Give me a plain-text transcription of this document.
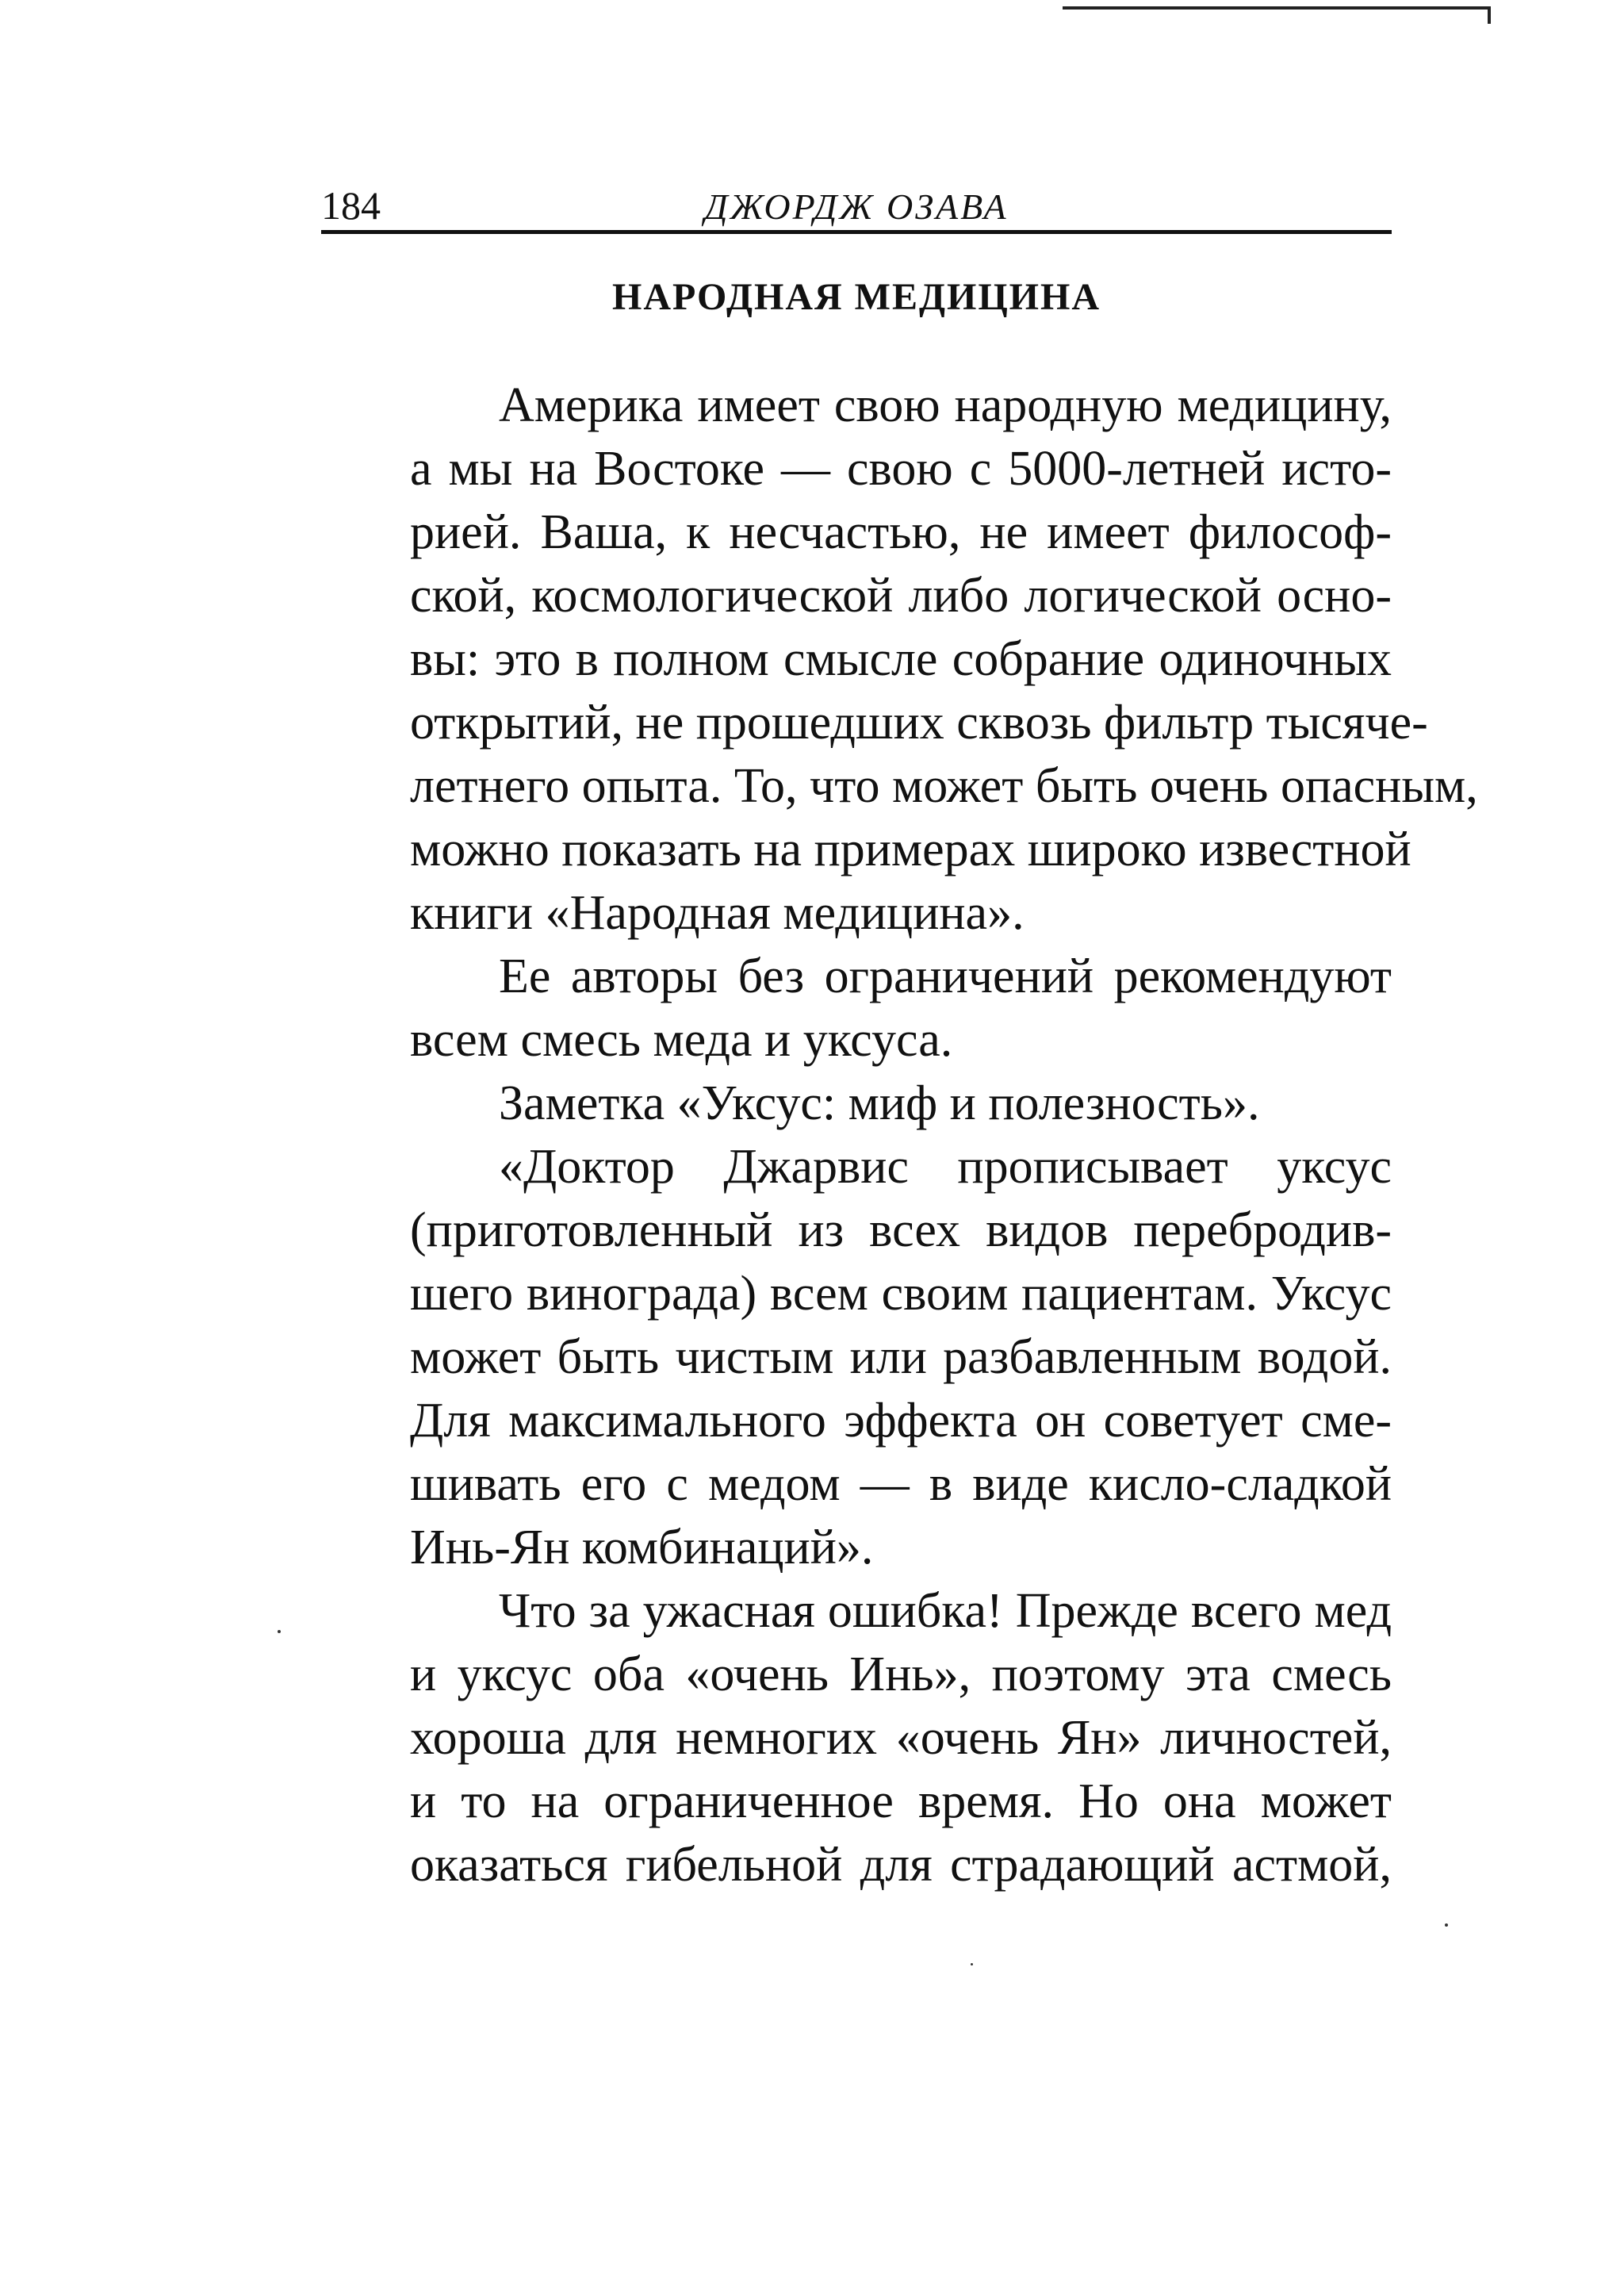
184	ДЖОРДЖ ОЗАВА
НАРОДНАЯ МЕДИЦИНА

Америка имеет свою народную медицину,
а мы на Востоке — свою с 5000-летней исто-
рией. Ваша, к несчастью, не имеет философ-
ской, космологической либо логической осно-
вы: это в полном смысле собрание одиночных
открытий, не прошедших сквозь фильтр тысяче-
летнего опыта. То, что может быть очень опасным,
можно показать на примерах широко известной
книги «Народная медицина».

Ее авторы без ограничений рекомендуют
всем смесь меда и уксуса.

Заметка «Уксус: миф и полезность».

«Доктор Джарвис прописывает уксус
(приготовленный из всех видов перебродив-
шего винограда) всем своим пациентам. Уксус
может быть чистым или разбавленным водой.
Для максимального эффекта он советует сме-
шивать его с медом — в виде кисло-сладкой
Инь-Ян комбинаций».

Что за ужасная ошибка! Прежде всего мед
и уксус оба «очень Инь», поэтому эта смесь
хороша для немногих «очень Ян» личностей,
и то на ограниченное время. Но она может
оказаться гибельной для страдающий астмой,
